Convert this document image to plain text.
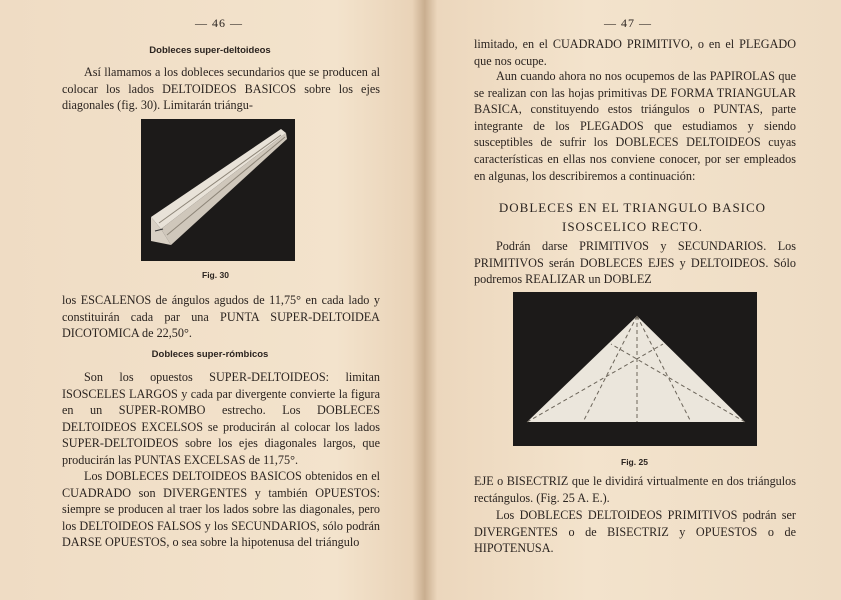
— 46 —
Dobleces super-deltoideos
Así llamamos a los dobleces secundarios que se producen al colocar los lados DELTOIDEOS BASICOS sobre los ejes diagonales (fig. 30). Limitarán triángu-
Fig. 30
los ESCALENOS de ángulos agudos de 11,75° en cada lado y constituirán cada par una PUNTA SUPER-DELTOIDEA DICOTOMICA de 22,50°.
Dobleces super-rómbicos
Son los opuestos SUPER-DELTOIDEOS: limitan ISOSCELES LARGOS y cada par divergente convierte la figura en un SUPER-ROMBO estrecho. Los DOBLECES DELTOIDEOS EXCELSOS se producirán al colocar los lados SUPER-DELTOIDEOS sobre los ejes diagonales largos, que producirán las PUNTAS EXCELSAS de 11,75°.
Los DOBLECES DELTOIDEOS BASICOS obtenidos en el CUADRADO son DIVERGENTES y también OPUESTOS: siempre se producen al traer los lados sobre las diagonales, pero los DELTOIDEOS FALSOS y los SECUNDARIOS, sólo podrán DARSE OPUESTOS, o sea sobre la hipotenusa del triángulo
— 47 —
limitado, en el CUADRADO PRIMITIVO, o en el PLEGADO que nos ocupe.
Aun cuando ahora no nos ocupemos de las PAPIROLAS que se realizan con las hojas primitivas DE FORMA TRIANGULAR BASICA, constituyendo estos triángulos o PUNTAS, parte integrante de los PLEGADOS que estudiamos y siendo susceptibles de sufrir los DOBLECES DELTOIDEOS cuyas características en ellas nos conviene conocer, por ser empleados en algunas, los describiremos a continuación:
DOBLECES EN EL TRIANGULO BASICO
ISOSCELICO RECTO.
Podrán darse PRIMITIVOS y SECUNDARIOS. Los PRIMITIVOS serán DOBLECES EJES y DELTOIDEOS. Sólo podremos REALIZAR un DOBLEZ
Fig. 25
EJE o BISECTRIZ que le dividirá virtualmente en dos triángulos rectángulos. (Fig. 25 A. E.).
Los DOBLECES DELTOIDEOS PRIMITIVOS podrán ser DIVERGENTES o de BISECTRIZ y OPUESTOS o de HIPOTENUSA.
